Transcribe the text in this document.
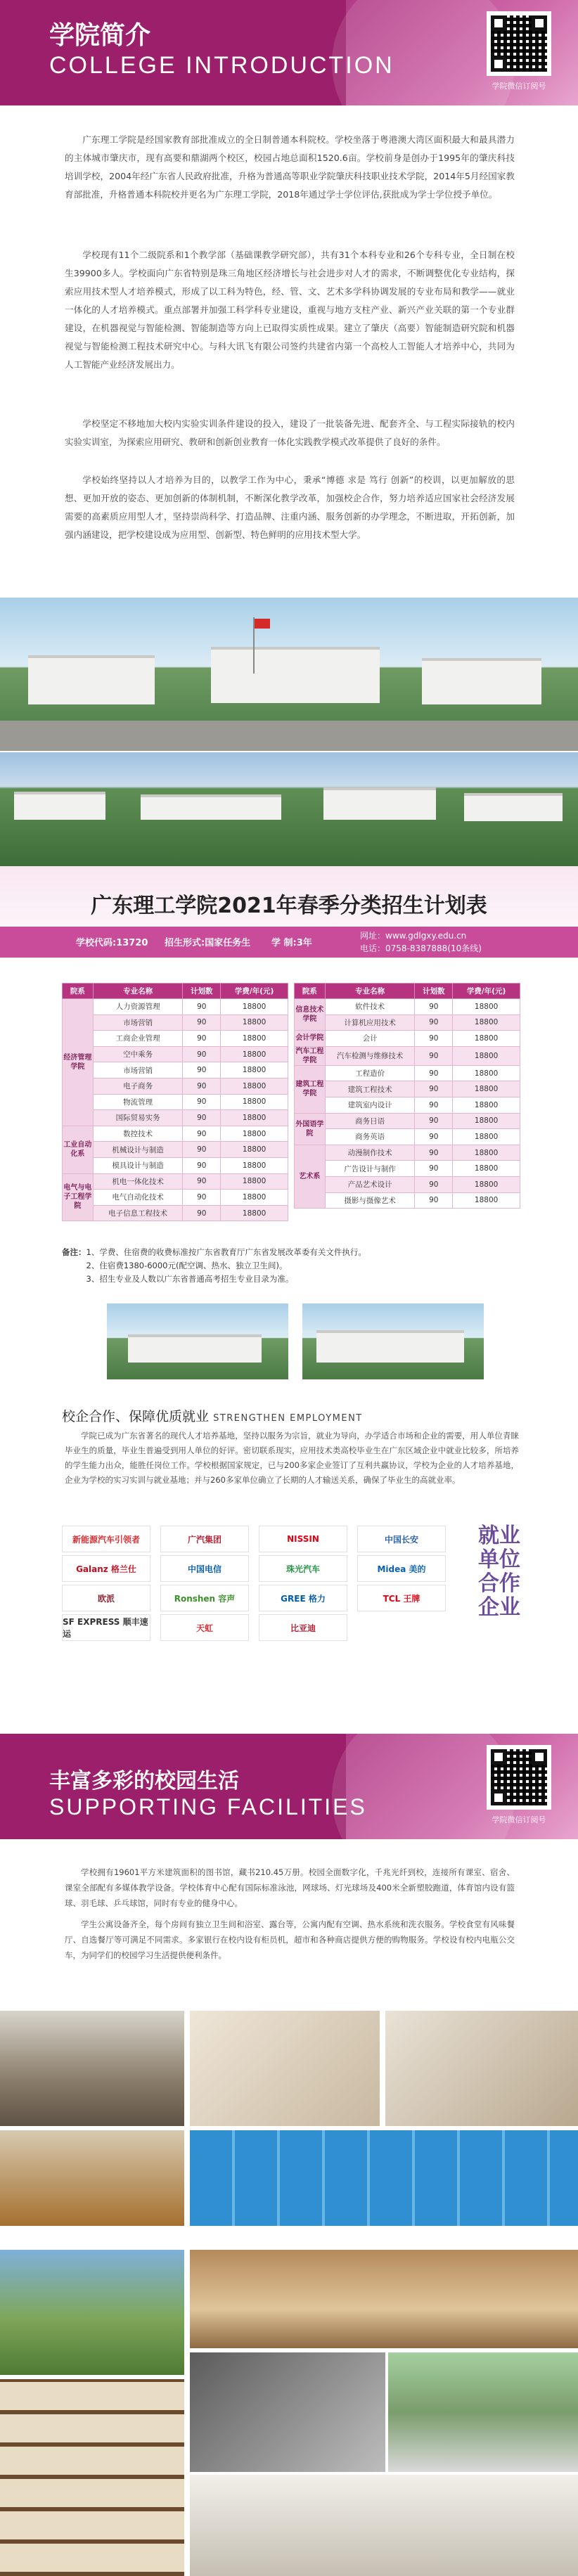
学院简介
COLLEGE INTRODUCTION
学院微信订阅号
广东理工学院是经国家教育部批准成立的全日制普通本科院校。学校坐落于粤港澳大湾区面积最大和最具潜力的主体城市肇庆市，现有高要和鼎湖两个校区，校园占地总面积1520.6亩。学校前身是创办于1995年的肇庆科技培训学校，2004年经广东省人民政府批准，升格为普通高等职业学院肇庆科技职业技术学院，2014年5月经国家教育部批准，升格普通本科院校并更名为广东理工学院，2018年通过学士学位评估,获批成为学士学位授予单位。
学校现有11个二级院系和1个教学部（基础课教学研究部），共有31个本科专业和26个专科专业，全日制在校生39900多人。学校面向广东省特别是珠三角地区经济增长与社会进步对人才的需求，不断调整优化专业结构，探索应用技术型人才培养模式，形成了以工科为特色，经、管、文、艺术多学科协调发展的专业布局和教学——就业一体化的人才培养模式。重点部署并加强工科学科专业建设，重视与地方支柱产业、新兴产业关联的第一个专业群建设，在机器视觉与智能检测、智能制造等方向上已取得实质性成果。建立了肇庆（高要）智能制造研究院和机器视觉与智能检测工程技术研究中心。与科大讯飞有限公司签约共建省内第一个高校人工智能人才培养中心，共同为人工智能产业经济发展出力。
学校坚定不移地加大校内实验实训条件建设的投入，建设了一批装备先进、配套齐全、与工程实际接轨的校内实验实训室，为探索应用研究、教研和创新创业教育一体化实践教学模式改革提供了良好的条件。
学校始终坚持以人才培养为目的，以教学工作为中心，秉承“博德 求是 笃行 创新”的校训，以更加解放的思想、更加开放的姿态、更加创新的体制机制，不断深化教学改革，加强校企合作，努力培养适应国家社会经济发展需要的高素质应用型人才，坚持崇尚科学、打造品牌、注重内涵、服务创新的办学理念，不断进取，开拓创新，加强内涵建设，把学校建设成为应用型、创新型、特色鲜明的应用技术型大学。
广东理工学院2021年春季分类招生计划表
学校代码:13720 招生形式:国家任务生 学 制:3年
网址：www.gdlgxy.edu.cn
电话：0758-8387888(10条线)
院系	专业名称	计划数	学费/年(元)
经济管理学院	人力资源管理	90	18800
	市场营销	90	18800
	工商企业管理	90	18800
	空中乘务	90	18800
	市场营销	90	18800
	电子商务	90	18800
	物流管理	90	18800
	国际贸易实务	90	18800
工业自动化系	数控技术	90	18800
	机械设计与制造	90	18800
	模具设计与制造	90	18800
电气与电子工程学院	机电一体化技术	90	18800
	电气自动化技术	90	18800
	电子信息工程技术	90	18800
院系	专业名称	计划数	学费/年(元)
信息技术学院	软件技术	90	18800
	计算机应用技术	90	18800
会计学院	会计	90	18800
汽车工程学院	汽车检测与维修技术	90	18800
建筑工程学院	工程造价	90	18800
	建筑工程技术	90	18800
	建筑室内设计	90	18800
外国语学院	商务日语	90	18800
	商务英语	90	18800
艺术系	动漫制作技术	90	18800
	广告设计与制作	90	18800
	产品艺术设计	90	18800
	摄影与摄像艺术	90	18800
备注：1、学费、住宿费的收费标准按广东省教育厅广东省发展改革委有关文件执行。
2、住宿费1380-6000元(配空调、热水、独立卫生间)。
3、招生专业及人数以广东省普通高考招生专业目录为准。
校企合作、保障优质就业 STRENGTHEN EMPLOYMENT
学院已成为广东省著名的现代人才培养基地，坚持以服务为宗旨，就业为导向，办学适合市场和企业的需要，用人单位青睐毕业生的质量，毕业生普遍受到用人单位的好评。密切联系现实，应用技术类高校毕业生在广东区域企业中就业比较多，所培养的学生能力出众，能胜任岗位工作。学校根据国家规定，已与200多家企业签订了互利共赢协议，学校为企业的人才培养基地，企业为学校的实习实训与就业基地；并与260多家单位确立了长期的人才输送关系，确保了毕业生的高就业率。
新能源汽车引领者	广汽集团	NISSIN	中国长安
Galanz 格兰仕	中国电信	珠光汽车	Midea 美的
欧派	Ronshen 容声	GREE 格力	TCL 王牌
SF EXPRESS 顺丰速运
天虹	比亚迪
就业单位合作企业
丰富多彩的校园生活
SUPPORTING FACILITIES
学院微信订阅号
学校拥有19601平方米建筑面积的图书馆，藏书210.45万册。校园全面数字化，千兆光纤到校，连接所有课室、宿舍、课室全部配有多媒体教学设备。学校体育中心配有国际标准泳池，网球场、灯光球场及400米全新塑胶跑道，体育馆内设有篮球、羽毛球、乒乓球馆，同时有专业的健身中心。
学生公寓设备齐全，每个房间有独立卫生间和浴室、露台等，公寓内配有空调、热水系统和洗衣服务。学校食堂有风味餐厅、自选餐厅等可满足不同需求。多家银行在校内设有柜员机，超市和各种商店提供方便的购物服务。学校设有校内电瓶公交车，为同学们的校园学习生活提供便利条件。
